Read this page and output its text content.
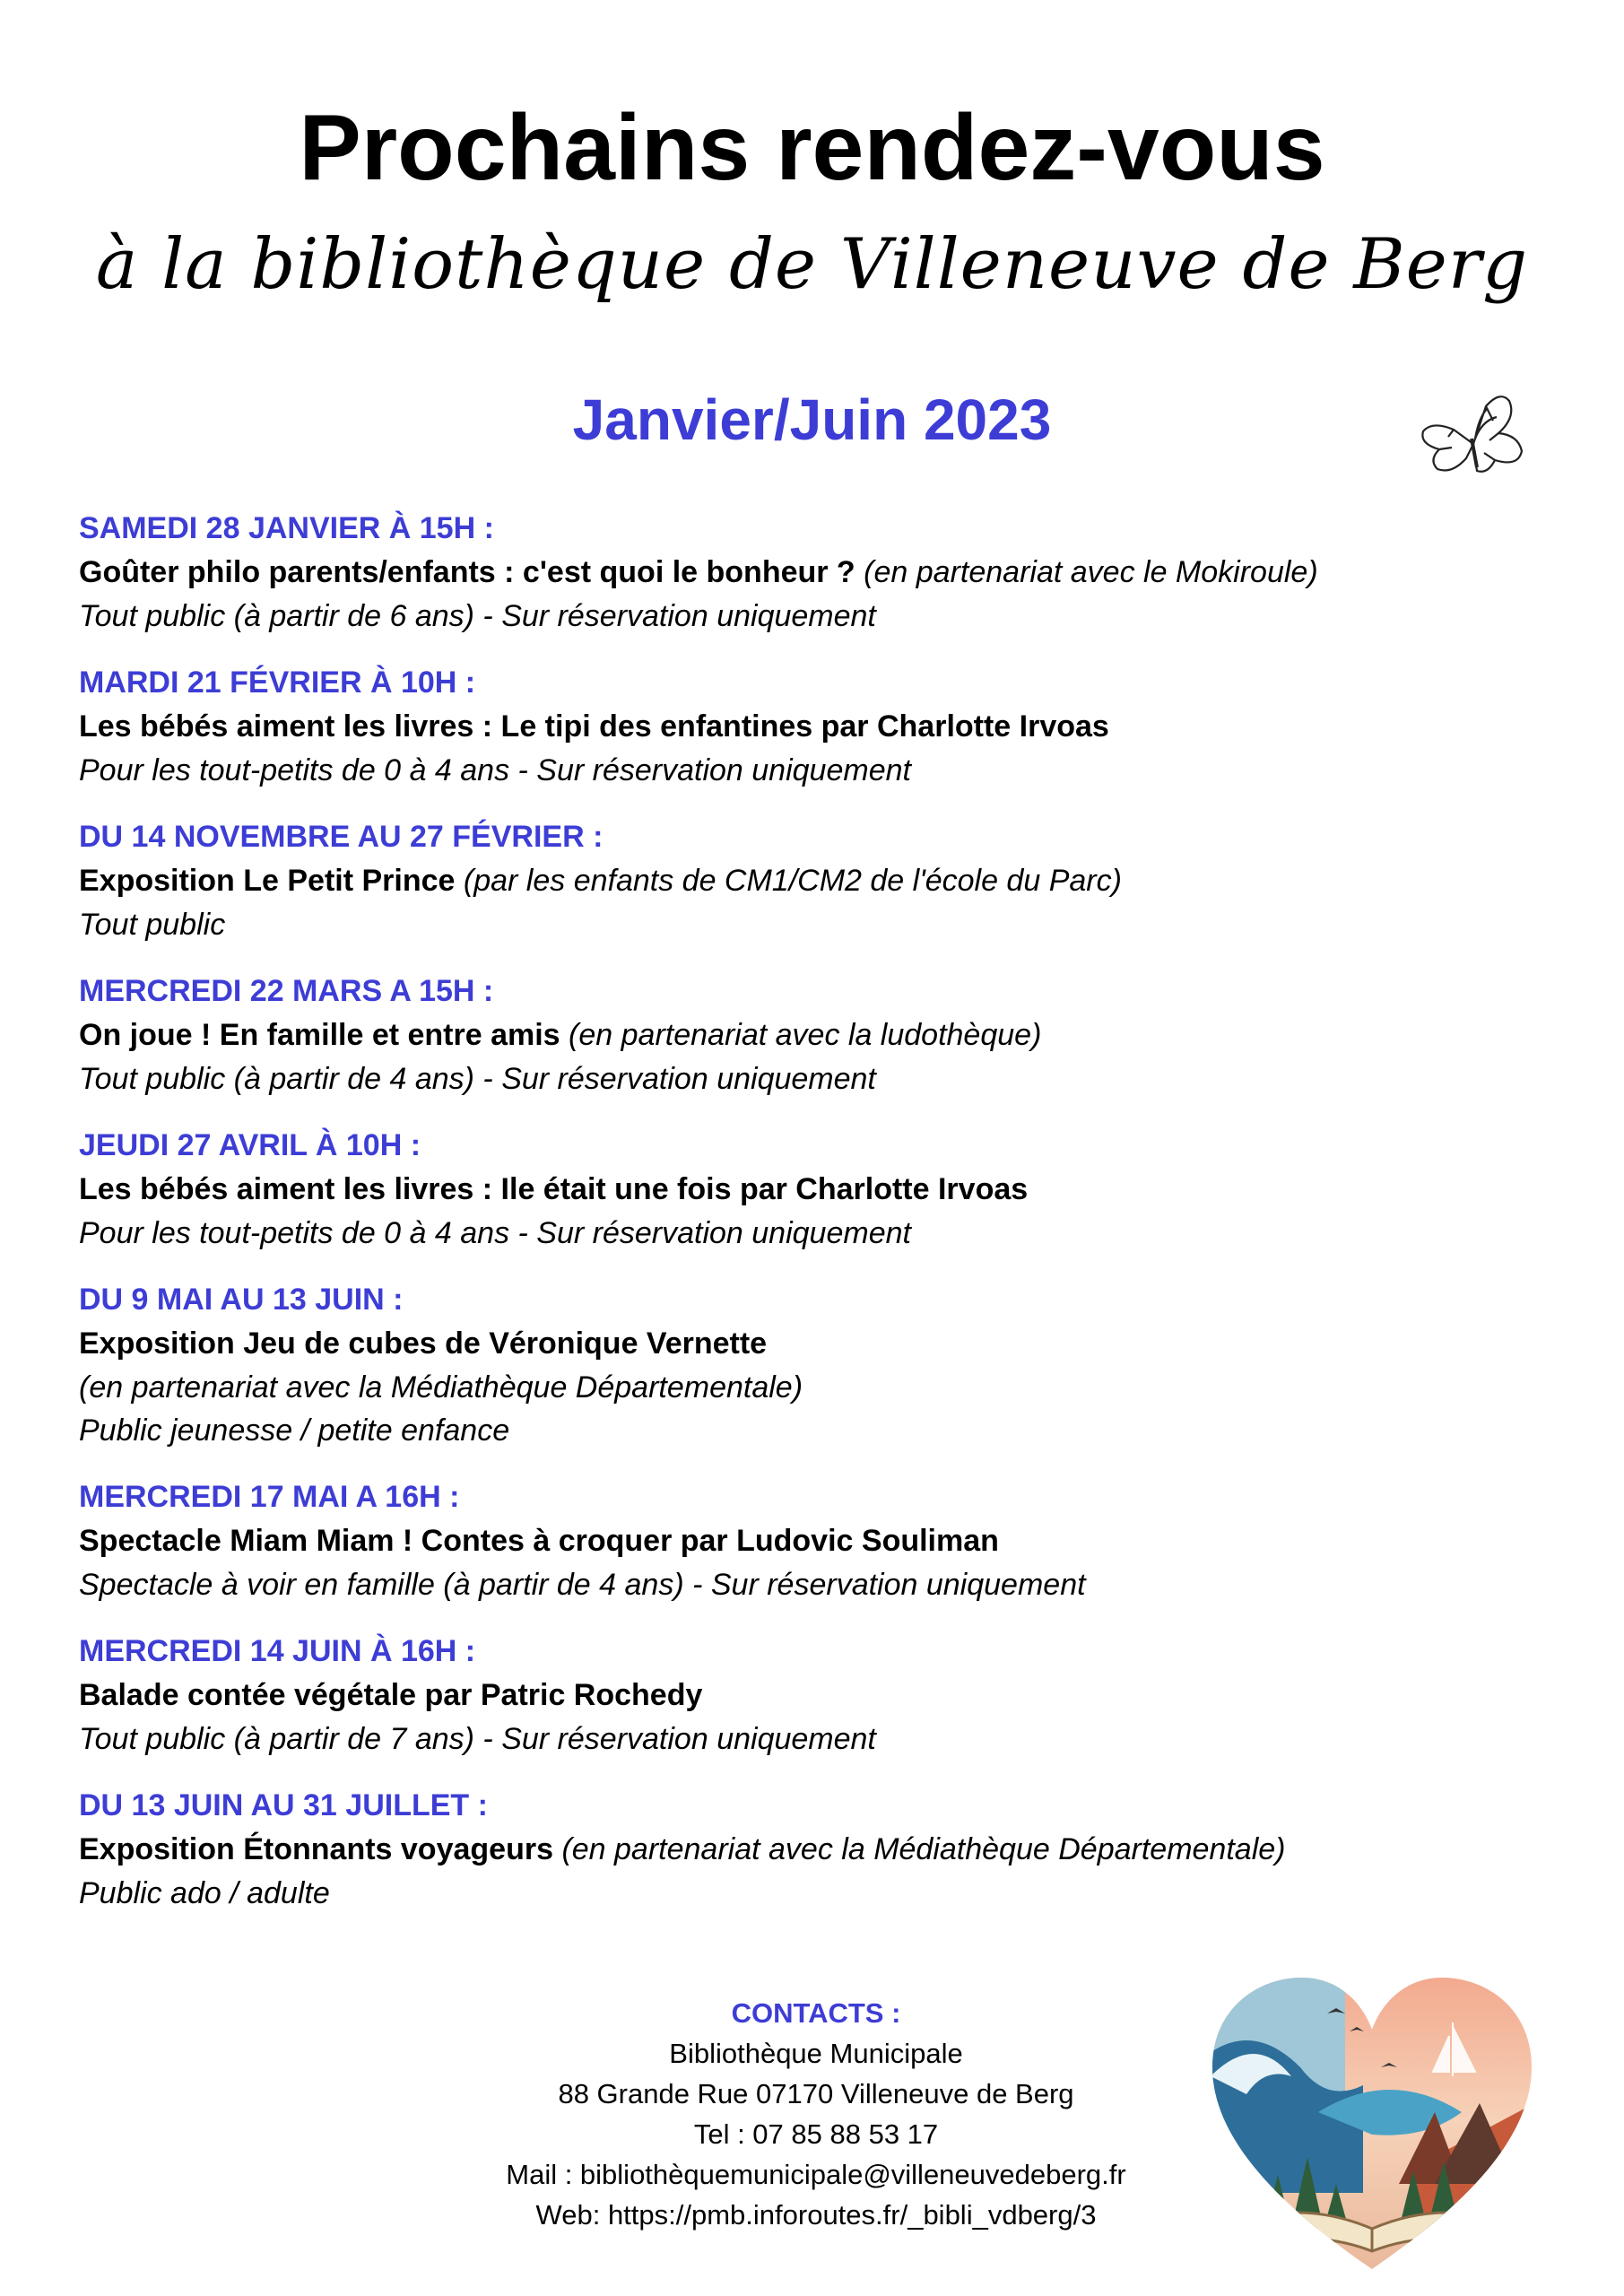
Prochains rendez-vous
à la bibliothèque de Villeneuve de Berg
Janvier/Juin 2023
SAMEDI 28 JANVIER À 15H :
Goûter philo parents/enfants : c'est quoi le bonheur ? (en partenariat avec le Mokiroule)
Tout public (à partir de 6 ans) - Sur réservation uniquement
MARDI 21 FÉVRIER À 10H :
Les bébés aiment les livres : Le tipi des enfantines par Charlotte Irvoas
Pour les tout-petits de 0 à 4 ans - Sur réservation uniquement
DU 14 NOVEMBRE AU 27 FÉVRIER :
Exposition Le Petit Prince (par les enfants de CM1/CM2 de l'école du Parc)
Tout public
MERCREDI 22 MARS A 15H :
On joue ! En famille et entre amis (en partenariat avec la ludothèque)
Tout public (à partir de 4 ans) - Sur réservation uniquement
JEUDI 27 AVRIL À 10H :
Les bébés aiment les livres : Ile était une fois par Charlotte Irvoas
Pour les tout-petits de 0 à 4 ans - Sur réservation uniquement
DU 9 MAI AU 13 JUIN :
Exposition Jeu de cubes de Véronique Vernette
(en partenariat avec la Médiathèque Départementale)
Public jeunesse / petite enfance
MERCREDI 17 MAI A 16H :
Spectacle Miam Miam ! Contes à croquer par Ludovic Souliman
Spectacle à voir en famille (à partir de 4 ans) - Sur réservation uniquement
MERCREDI 14 JUIN À 16H :
Balade contée végétale par Patric Rochedy
Tout public (à partir de 7 ans) - Sur réservation uniquement
DU 13 JUIN AU 31 JUILLET :
Exposition Étonnants voyageurs (en partenariat avec la Médiathèque Départementale)
Public ado / adulte
CONTACTS :
Bibliothèque Municipale
88 Grande Rue 07170 Villeneuve de Berg
Tel : 07 85 88 53 17
Mail : bibliothèquemunicipale@villeneuvedeberg.fr
Web: https://pmb.inforoutes.fr/_bibli_vdberg/3
